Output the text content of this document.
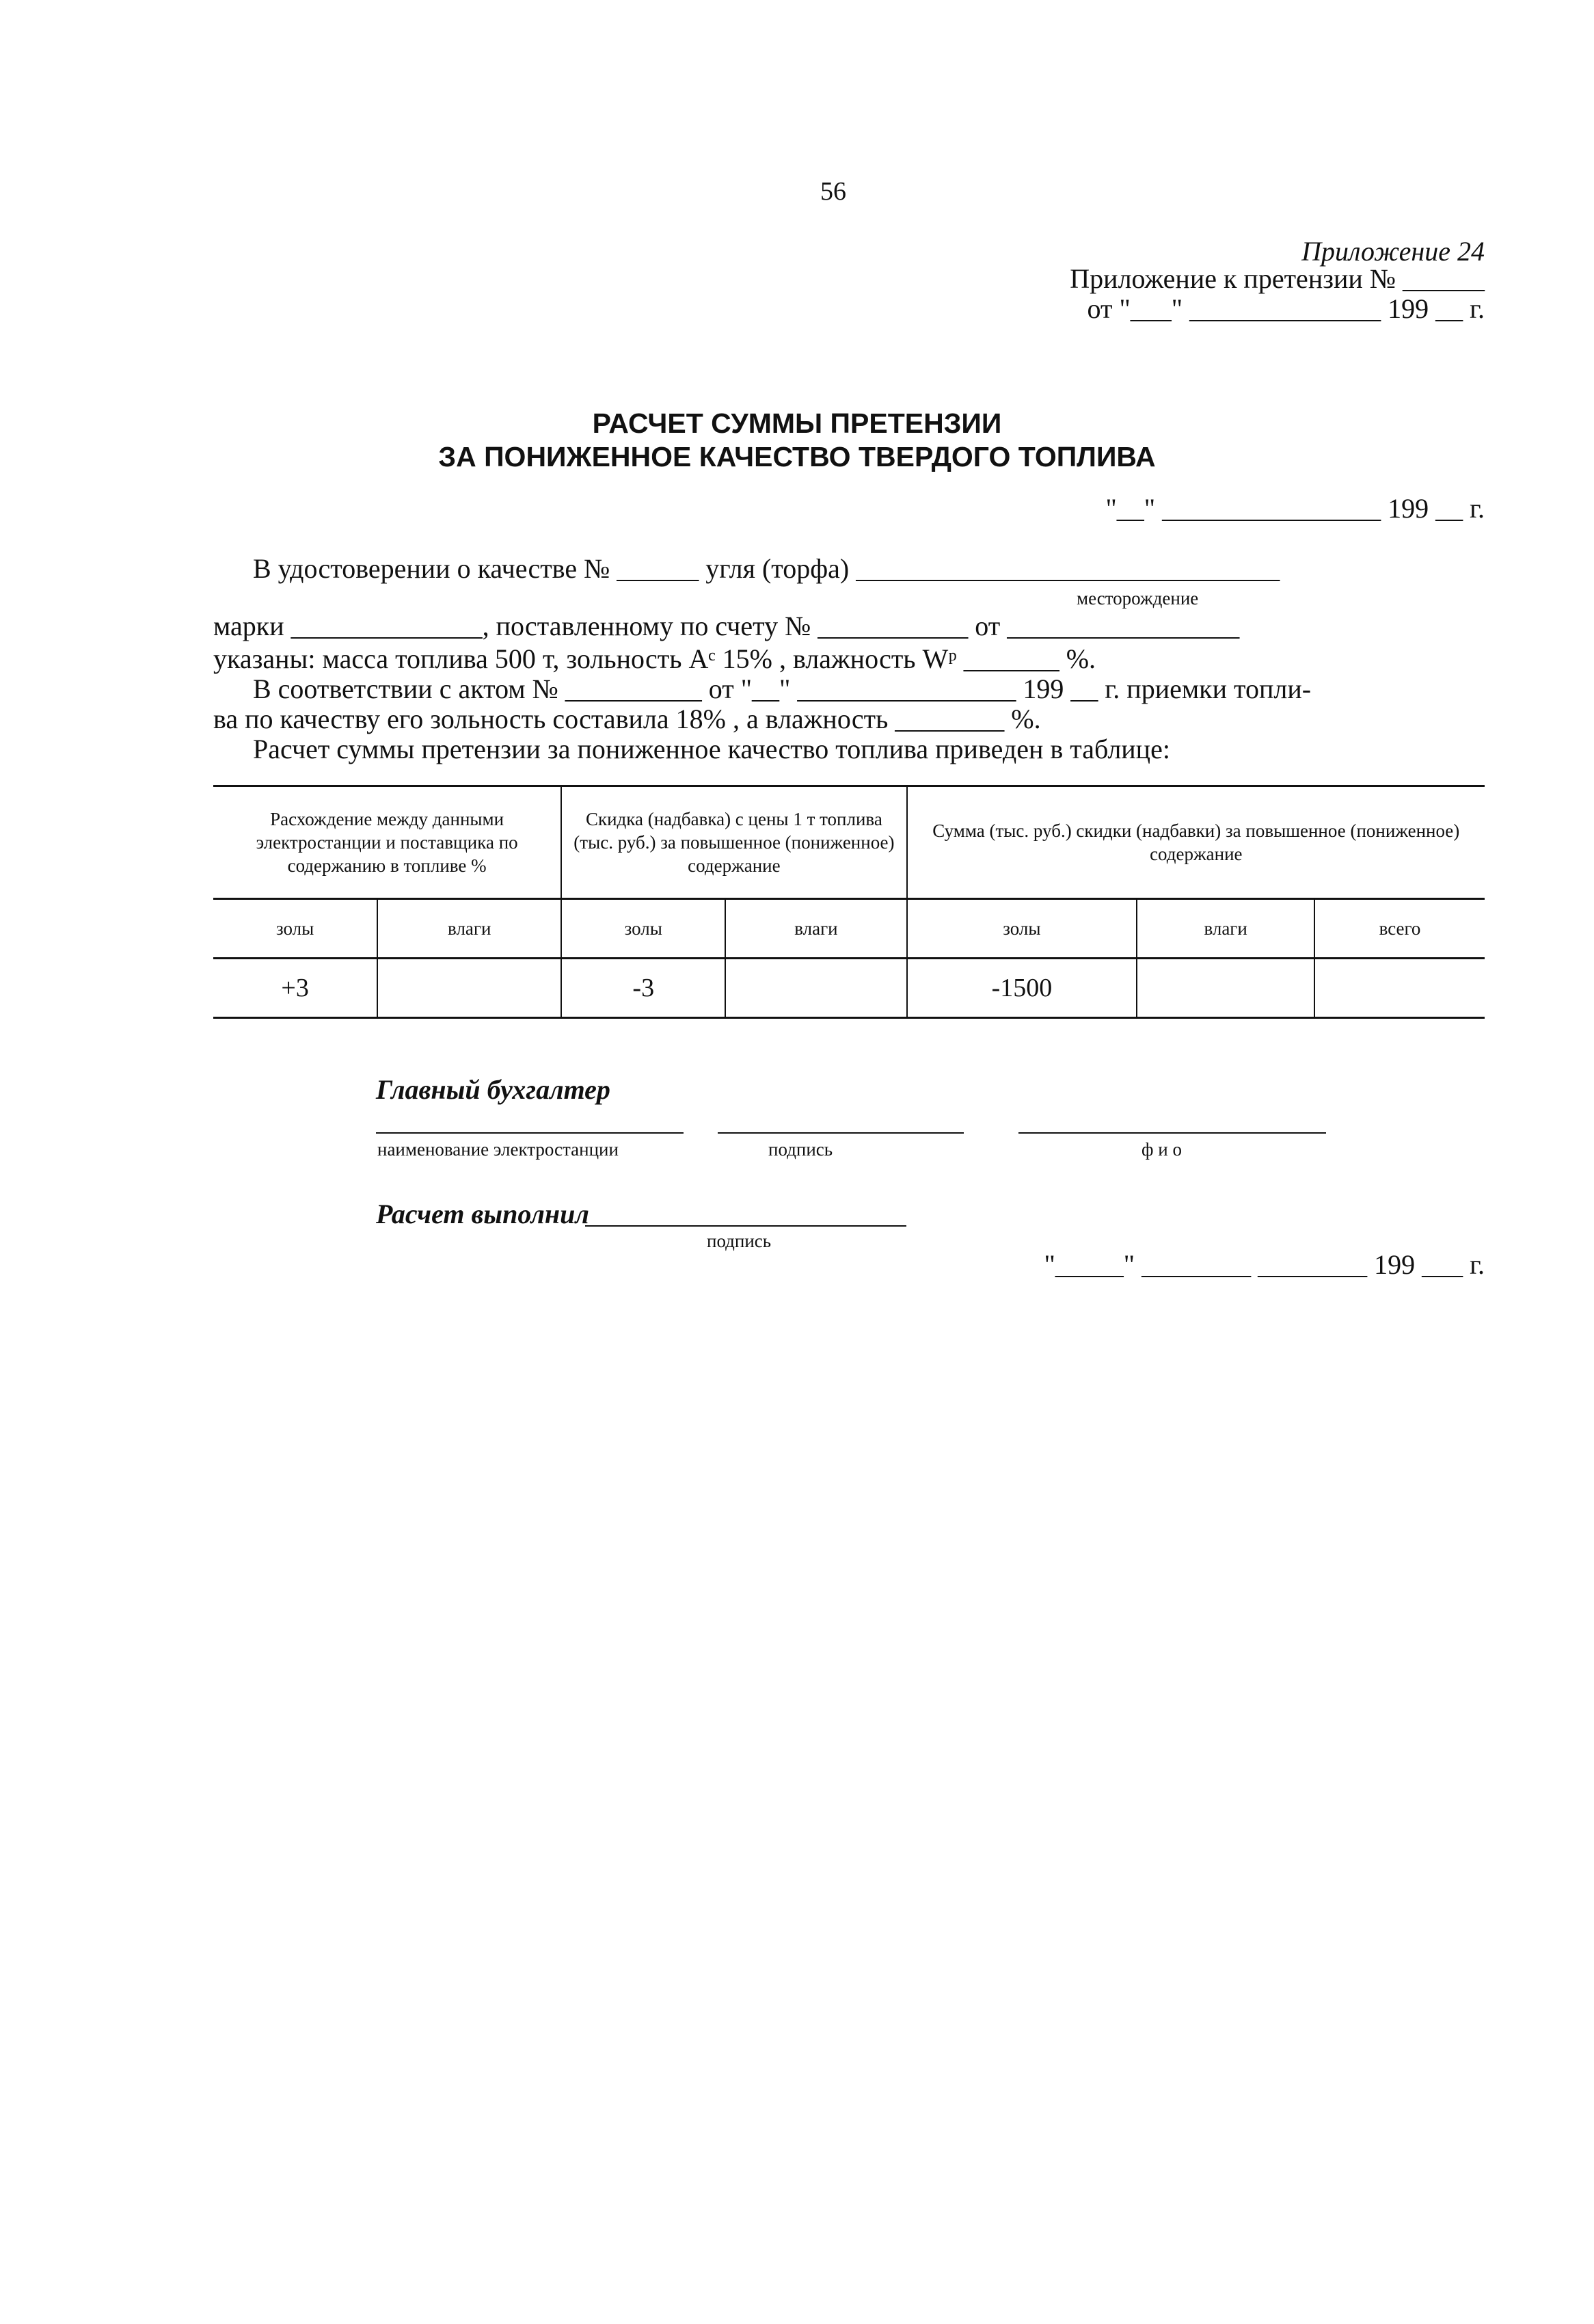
56
Приложение 24
Приложение к претензии № ______
от "___" ______________ 199 __ г.
РАСЧЕТ СУММЫ ПРЕТЕНЗИИ
ЗА ПОНИЖЕННОЕ КАЧЕСТВО ТВЕРДОГО ТОПЛИВА
"__" ________________ 199 __ г.
В удостоверении о качестве № ______ угля (торфа) _______________________________
месторождение
марки ______________, поставленному по счету № ___________ от _________________
указаны: масса топлива 500 т, зольность Aᶜ 15% , влажность Wᵖ _______ %.
В соответствии с актом № __________ от "__" ________________ 199 __ г. приемки топли-
ва по качеству его зольность составила 18% , а влажность ________ %.
Расчет суммы претензии за пониженное качество топлива приведен в таблице:
Расхождение между данными электростанции и поставщика по содержанию в топливе %		Скидка (надбавка) с цены 1 т топлива (тыс. руб.) за повышенное (пониженное) содержание		Сумма (тыс. руб.) скидки (надбавки) за повышенное (пониженное) содержание		
золы	влаги	золы	влаги	золы	влаги	всего
+3		-3		-1500		
Главный бухгалтер
наименование электростанции	подпись	ф и о
Расчет выполнил
подпись
"_____" ________ ________ 199 ___ г.
